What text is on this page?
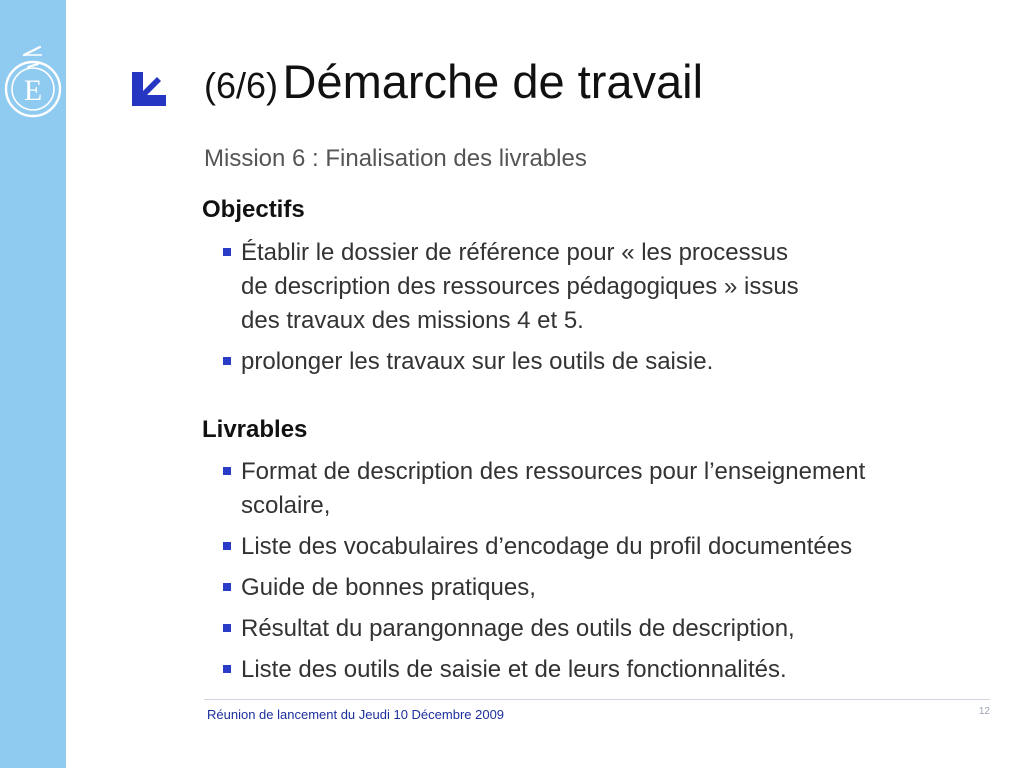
E	(6/6) Démarche de travail
Mission 6 : Finalisation des livrables
Objectifs
Établir le dossier de référence pour « les processus
de description des ressources pédagogiques » issus
des travaux des missions 4 et 5.
prolonger les travaux sur les outils de saisie.
Livrables
Format de description des ressources pour l’enseignement
scolaire,
Liste des vocabulaires d’encodage du profil documentées
Guide de bonnes pratiques,
Résultat du parangonnage des outils de description,
Liste des outils de saisie et de leurs fonctionnalités.
Réunion de lancement du Jeudi 10 Décembre 2009	12
